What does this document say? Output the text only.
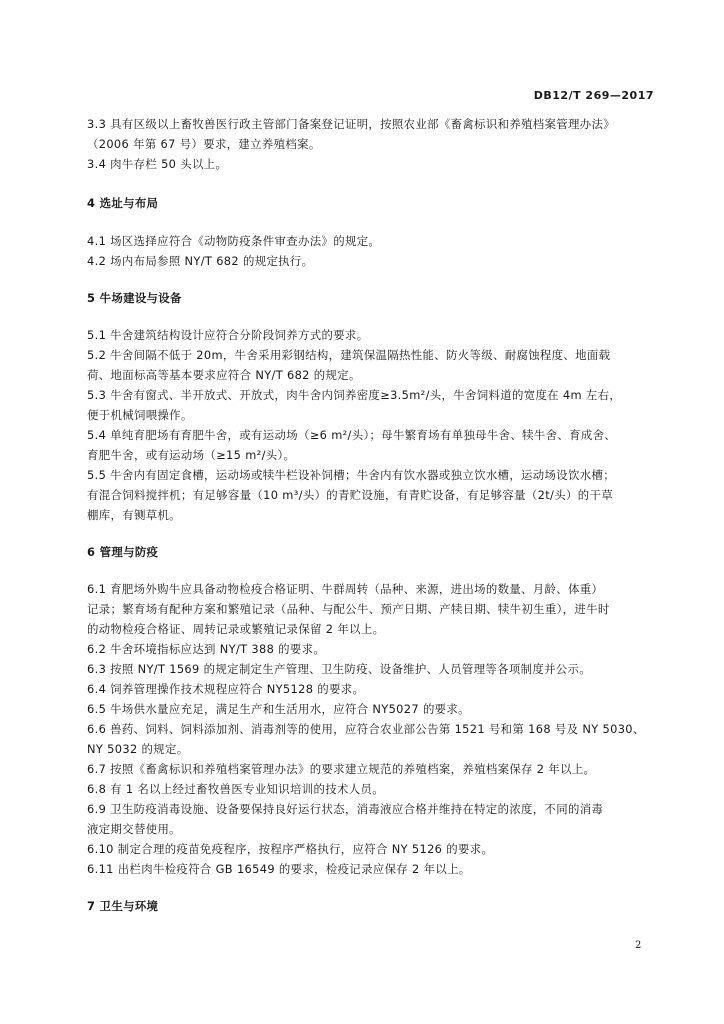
DB12/T 269—2017
3.3 具有区级以上畜牧兽医行政主管部门备案登记证明，按照农业部《畜禽标识和养殖档案管理办法》
（2006 年第 67 号）要求，建立养殖档案。
3.4 肉牛存栏 50 头以上。
4 选址与布局
4.1 场区选择应符合《动物防疫条件审查办法》的规定。
4.2 场内布局参照 NY/T 682 的规定执行。
5 牛场建设与设备
5.1 牛舍建筑结构设计应符合分阶段饲养方式的要求。
5.2 牛舍间隔不低于 20m，牛舍采用彩钢结构，建筑保温隔热性能、防火等级、耐腐蚀程度、地面载
荷、地面标高等基本要求应符合 NY/T 682 的规定。
5.3 牛舍有窗式、半开放式、开放式，肉牛舍内饲养密度≥3.5m²/头，牛舍饲料道的宽度在 4m 左右，
便于机械饲喂操作。
5.4 单纯育肥场有育肥牛舍，或有运动场（≥6 m²/头）；母牛繁育场有单独母牛舍、犊牛舍、育成舍、
育肥牛舍，或有运动场（≥15 m²/头）。
5.5 牛舍内有固定食槽，运动场或犊牛栏设补饲槽；牛舍内有饮水器或独立饮水槽，运动场设饮水槽；
有混合饲料搅拌机；有足够容量（10 m³/头）的青贮设施，有青贮设备，有足够容量（2t/头）的干草
棚库，有铡草机。
6 管理与防疫
6.1 育肥场外购牛应具备动物检疫合格证明、牛群周转（品种、来源，进出场的数量、月龄、体重）
记录；繁育场有配种方案和繁殖记录（品种、与配公牛、预产日期、产犊日期、犊牛初生重），进牛时
的动物检疫合格证、周转记录或繁殖记录保留 2 年以上。
6.2 牛舍环境指标应达到 NY/T 388 的要求。
6.3 按照 NY/T 1569 的规定制定生产管理、卫生防疫、设备维护、人员管理等各项制度并公示。
6.4 饲养管理操作技术规程应符合 NY5128 的要求。
6.5 牛场供水量应充足，满足生产和生活用水，应符合 NY5027 的要求。
6.6 兽药、饲料、饲料添加剂、消毒剂等的使用，应符合农业部公告第 1521 号和第 168 号及 NY 5030、
NY 5032 的规定。
6.7 按照《畜禽标识和养殖档案管理办法》的要求建立规范的养殖档案，养殖档案保存 2 年以上。
6.8 有 1 名以上经过畜牧兽医专业知识培训的技术人员。
6.9 卫生防疫消毒设施、设备要保持良好运行状态，消毒液应合格并维持在特定的浓度，不同的消毒
液定期交替使用。
6.10 制定合理的疫苗免疫程序，按程序严格执行，应符合 NY 5126 的要求。
6.11 出栏肉牛检疫符合 GB 16549 的要求，检疫记录应保存 2 年以上。
7 卫生与环境
2
